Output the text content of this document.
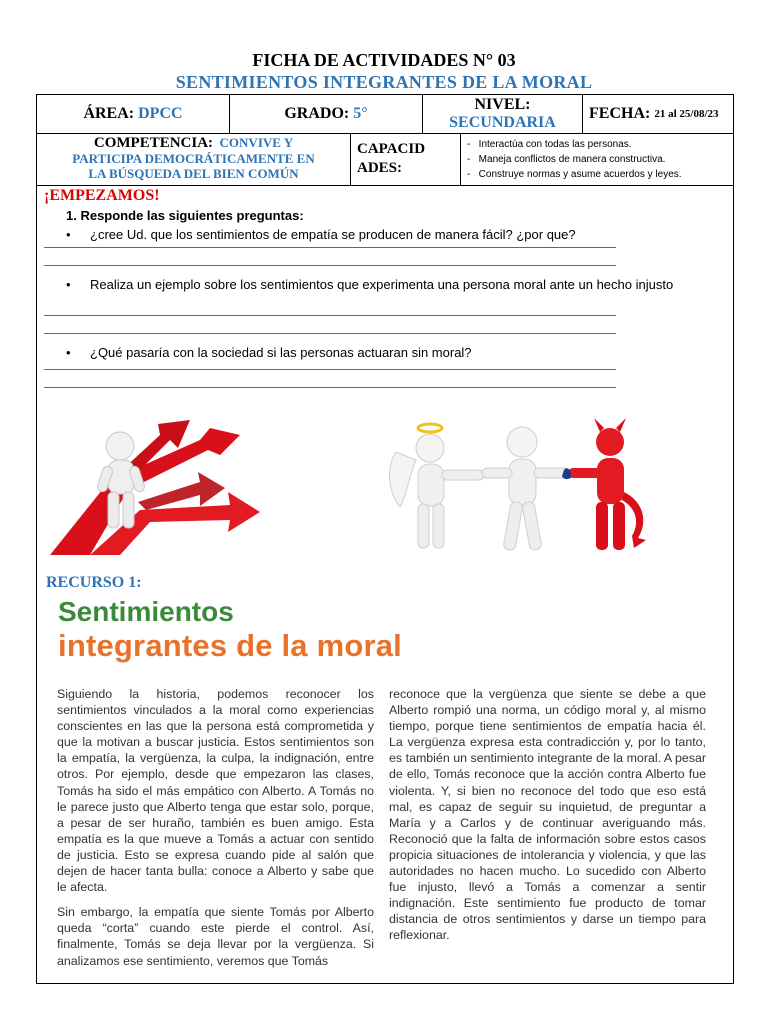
FICHA DE ACTIVIDADES N° 03
SENTIMIENTOS INTEGRANTES DE LA MORAL
ÁREA:
DPCC	GRADO:
5°
NIVEL:
SECUNDARIA
FECHA:
21 al 25/08/23
COMPETENCIA: CONVIVE Y
PARTICIPA DEMOCRÁTICAMENTE EN
LA BÚSQUEDA DEL BIEN COMÚN
CAPACID
ADES:
-   Interactúa con todas las personas.
-   Maneja conflictos de manera constructiva.
-   Construye normas y asume acuerdos y leyes.
¡EMPEZAMOS!
1. Responde las siguientes preguntas:
• ¿cree Ud. que los sentimientos de empatía se producen de manera fácil? ¿por que?
• Realiza un ejemplo sobre los sentimientos que experimenta una persona moral ante un hecho injusto
• ¿Qué pasaría con la sociedad si las personas actuaran sin moral?
RECURSO 1:
Sentimientos
integrantes de la moral

Siguiendo la historia, podemos reconocer los sentimientos vinculados a la moral como experiencias conscientes en las que la persona está comprometida y que la motivan a buscar justicia. Estos sentimientos son la empatía, la vergüenza, la culpa, la indignación, entre otros. Por ejemplo, desde que empezaron las clases, Tomás ha sido el más empático con Alberto. A Tomás no le parece justo que Alberto tenga que estar solo, porque, a pesar de ser huraño, también es buen amigo. Esta empatía es la que mueve a Tomás a actuar con sentido de justicia. Esto se expresa cuando pide al salón que dejen de hacer tanta bulla: conoce a Alberto y sabe que le afecta.

Sin embargo, la empatía que siente Tomás por Alberto queda “corta” cuando este pierde el control. Así, finalmente, Tomás se deja llevar por la vergüenza. Si analizamos ese sentimiento, veremos que Tomás

reconoce que la vergüenza que siente se debe a que Alberto rompió una norma, un código moral y, al mismo tiempo, porque tiene sentimientos de empatía hacia él. La vergüenza expresa esta contradicción y, por lo tanto, es también un sentimiento integrante de la moral. A pesar de ello, Tomás reconoce que la acción contra Alberto fue violenta. Y, si bien no reconoce del todo que eso está mal, es capaz de seguir su inquietud, de preguntar a María y a Carlos y de continuar averiguando más. Reconoció que la falta de información sobre estos casos propicia situaciones de intolerancia y violencia, y que las autoridades no hacen mucho. Lo sucedido con Alberto fue injusto, llevó a Tomás a comenzar a sentir indignación. Este sentimiento fue producto de tomar distancia de otros sentimientos y darse un tiempo para reflexionar.
